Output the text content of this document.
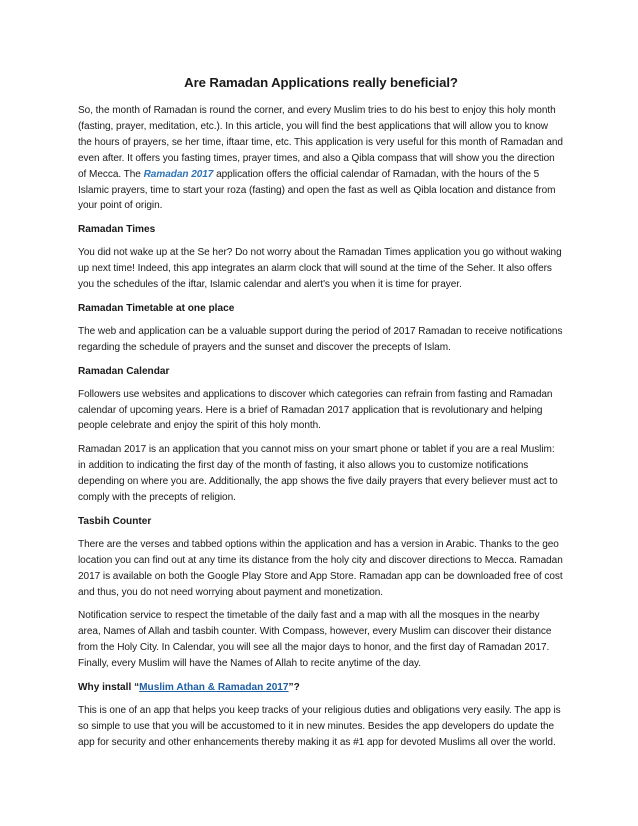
Are Ramadan Applications really beneficial?

So, the month of Ramadan is round the corner, and every Muslim tries to do his best to enjoy this holy month (fasting, prayer, meditation, etc.). In this article, you will find the best applications that will allow you to know the hours of prayers, se her time, iftaar time, etc. This application is very useful for this month of Ramadan and even after. It offers you fasting times, prayer times, and also a Qibla compass that will show you the direction of Mecca. The Ramadan 2017 application offers the official calendar of Ramadan, with the hours of the 5 Islamic prayers, time to start your roza (fasting) and open the fast as well as Qibla location and distance from your point of origin.

Ramadan Times

You did not wake up at the Se her? Do not worry about the Ramadan Times application you go without waking up next time! Indeed, this app integrates an alarm clock that will sound at the time of the Seher. It also offers you the schedules of the iftar, Islamic calendar and alert's you when it is time for prayer.

Ramadan Timetable at one place

The web and application can be a valuable support during the period of 2017 Ramadan to receive notifications regarding the schedule of prayers and the sunset and discover the precepts of Islam.

Ramadan Calendar

Followers use websites and applications to discover which categories can refrain from fasting and Ramadan calendar of upcoming years. Here is a brief of Ramadan 2017 application that is revolutionary and helping people celebrate and enjoy the spirit of this holy month.

Ramadan 2017 is an application that you cannot miss on your smart phone or tablet if you are a real Muslim: in addition to indicating the first day of the month of fasting, it also allows you to customize notifications depending on where you are. Additionally, the app shows the five daily prayers that every believer must act to comply with the precepts of religion.

Tasbih Counter

There are the verses and tabbed options within the application and has a version in Arabic. Thanks to the geo location you can find out at any time its distance from the holy city and discover directions to Mecca. Ramadan 2017 is available on both the Google Play Store and App Store. Ramadan app can be downloaded free of cost and thus, you do not need worrying about payment and monetization.

Notification service to respect the timetable of the daily fast and a map with all the mosques in the nearby area, Names of Allah and tasbih counter. With Compass, however, every Muslim can discover their distance from the Holy City. In Calendar, you will see all the major days to honor, and the first day of Ramadan 2017. Finally, every Muslim will have the Names of Allah to recite anytime of the day.

Why install “Muslim Athan & Ramadan 2017”?

This is one of an app that helps you keep tracks of your religious duties and obligations very easily. The app is so simple to use that you will be accustomed to it in new minutes. Besides the app developers do update the app for security and other enhancements thereby making it as #1 app for devoted Muslims all over the world.
